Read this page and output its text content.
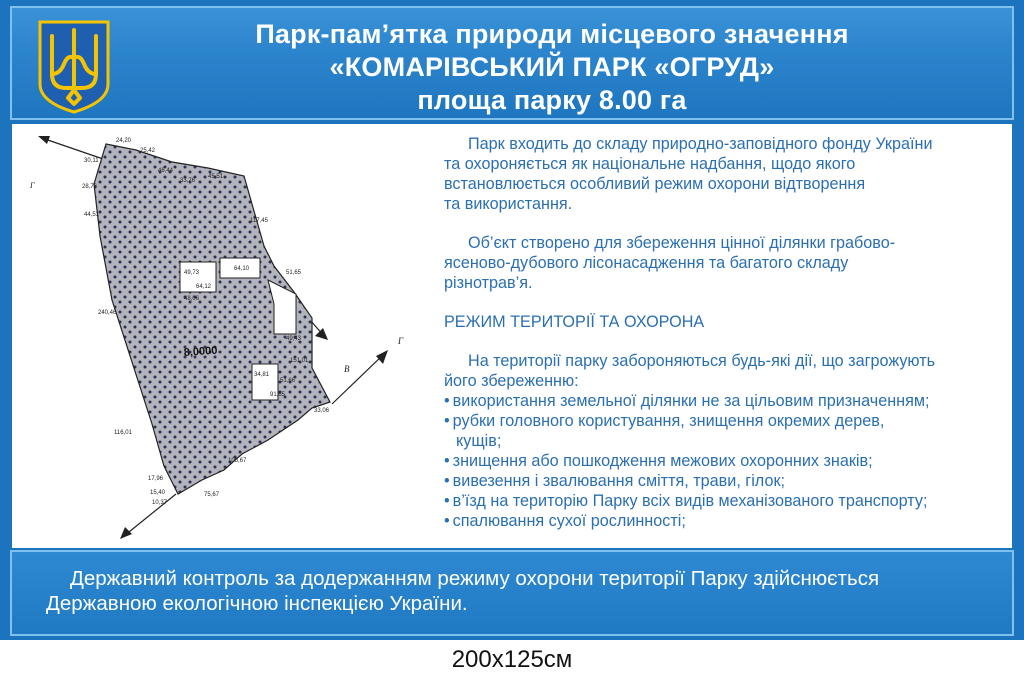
Парк-пам’ятка природи місцевого значення
«КОМАРІВСЬКИЙ ПАРК «ОГРУД»
площа парку 8.00 га
8,0000
Г
В
Г
24,20
25,42
30,11
46,44
45,51
33,76
28,76
44,51
117,45
51,65
49,43
151,01
240,46
116,01
105,67
75,67
17,96
15,40
10,37
33,06
49,73
64,12
48,06
64,10
34,81
91,65
51,66
Парк входить до складу природно-заповідного фонду України
та охороняється як національне надбання, щодо якого
встановлюється особливий режим охорони відтворення
та використання.
Об’єкт створено для збереження цінної ділянки грабово-
ясеново-дубового лісонасадження та багатого складу
різнотрав’я.
РЕЖИМ ТЕРИТОРІЇ ТА ОХОРОНА
На території парку забороняються будь-які дії, що загрожують
його збереженню:
• використання земельної ділянки не за цільовим призначенням;
• рубки головного користування, знищення окремих дерев,
кущів;
• знищення або пошкодження межових охоронних знаків;
• вивезення і звалювання сміття, трави, гілок;
• в’їзд на територію Парку всіх видів механізованого транспорту;
• спалювання сухої рослинності;
Державний контроль за додержанням режиму охорони території Парку здійснюється
Державною екологічною інспекцією України.
200х125см
